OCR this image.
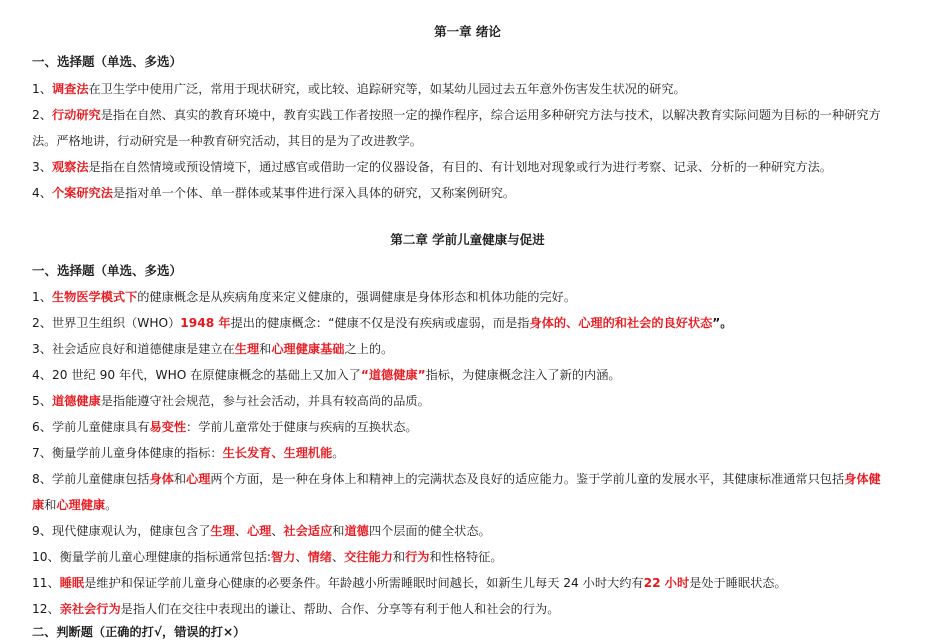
第一章 绪论
一、选择题（单选、多选）
1、调查法在卫生学中使用广泛，常用于现状研究，或比较、追踪研究等，如某幼儿园过去五年意外伤害发生状况的研究。
2、行动研究是指在自然、真实的教育环境中，教育实践工作者按照一定的操作程序，综合运用多种研究方法与技术，以解决教育实际问题为目标的一种研究方
法。严格地讲，行动研究是一种教育研究活动，其目的是为了改进教学。
3、观察法是指在自然情境或预设情境下，通过感官或借助一定的仪器设备，有目的、有计划地对现象或行为进行考察、记录、分析的一种研究方法。
4、个案研究法是指对单一个体、单一群体或某事件进行深入具体的研究，又称案例研究。
第二章 学前儿童健康与促进
一、选择题（单选、多选）
1、生物医学模式下的健康概念是从疾病角度来定义健康的，强调健康是身体形态和机体功能的完好。
2、世界卫生组织（WHO）1948 年提出的健康概念：“健康不仅是没有疾病或虚弱，而是指身体的、心理的和社会的良好状态”。
3、社会适应良好和道德健康是建立在生理和心理健康基础之上的。
4、20 世纪 90 年代，WHO 在原健康概念的基础上又加入了“道德健康”指标，为健康概念注入了新的内涵。
5、道德健康是指能遵守社会规范，参与社会活动，并具有较高尚的品质。
6、学前儿童健康具有易变性：学前儿童常处于健康与疾病的互换状态。
7、衡量学前儿童身体健康的指标：生长发育、生理机能。
8、学前儿童健康包括身体和心理两个方面，是一种在身体上和精神上的完满状态及良好的适应能力。鉴于学前儿童的发展水平，其健康标准通常只包括身体健
康和心理健康。
9、现代健康观认为，健康包含了生理、心理、社会适应和道德四个层面的健全状态。
10、衡量学前儿童心理健康的指标通常包括:智力、情绪、交往能力和行为和性格特征。
11、睡眠是维护和保证学前儿童身心健康的必要条件。年龄越小所需睡眠时间越长，如新生儿每天 24 小时大约有22 小时是处于睡眠状态。
12、亲社会行为是指人们在交往中表现出的谦让、帮助、合作、分享等有利于他人和社会的行为。
二、判断题（正确的打√，错误的打×）
